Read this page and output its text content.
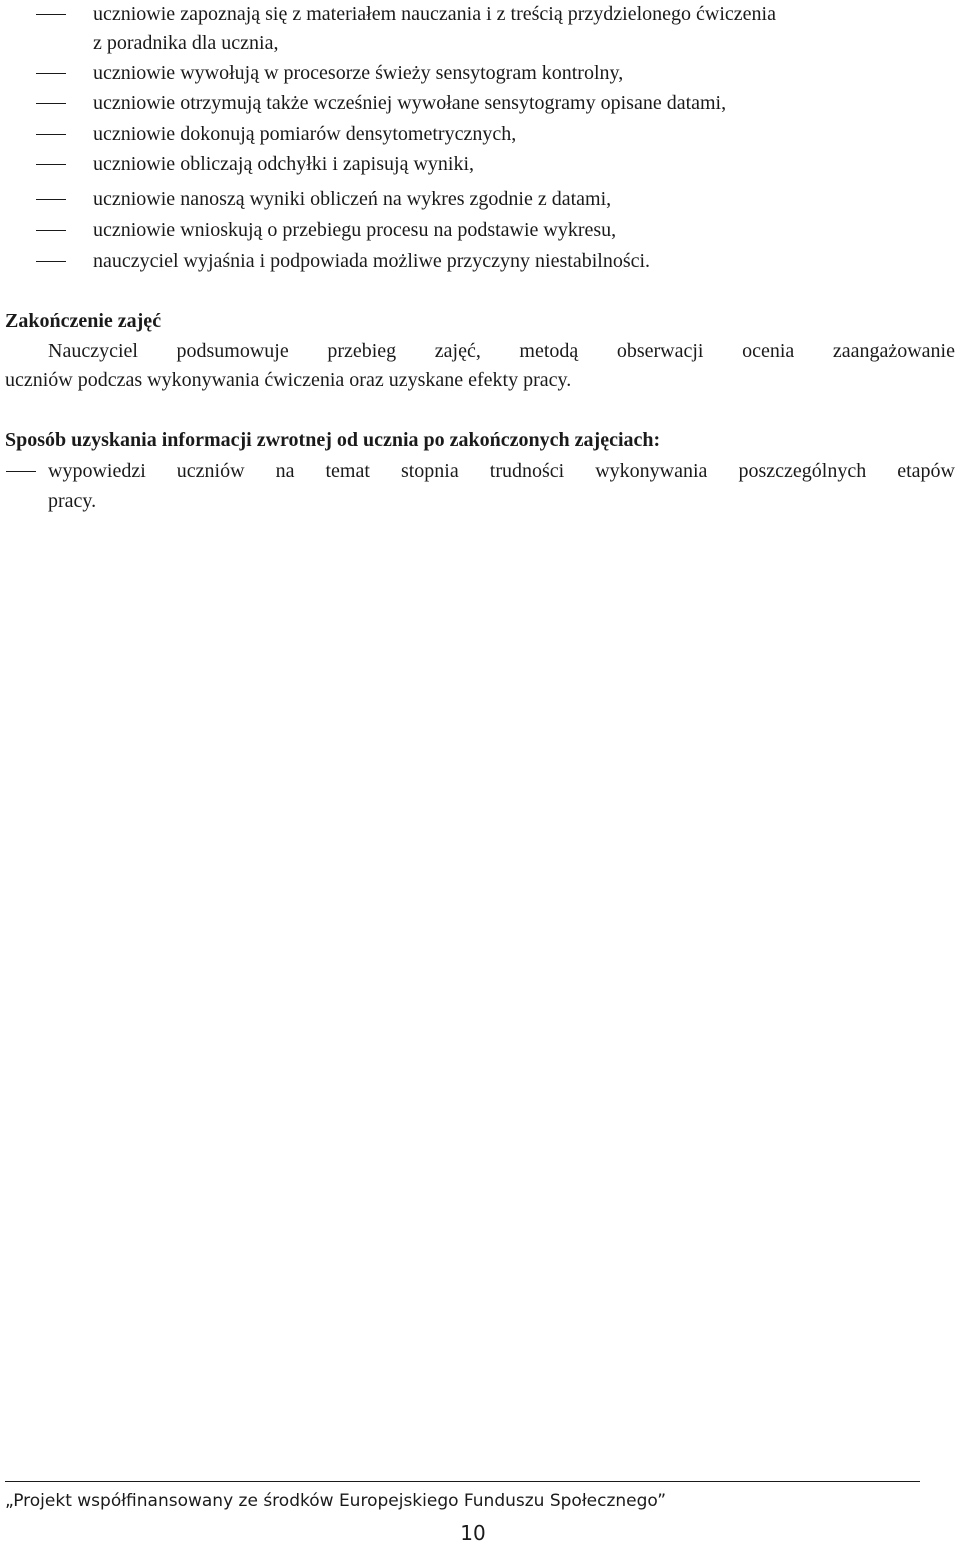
uczniowie zapoznają się z materiałem nauczania i z treścią przydzielonego ćwiczenia
z poradnika dla ucznia,
uczniowie wywołują w procesorze świeży sensytogram kontrolny,
uczniowie otrzymują także wcześniej wywołane sensytogramy opisane datami,
uczniowie dokonują pomiarów densytometrycznych,
uczniowie obliczają odchyłki i zapisują wyniki,
uczniowie nanoszą wyniki obliczeń na wykres zgodnie z datami,
uczniowie wnioskują o przebiegu procesu na podstawie wykresu,
nauczyciel wyjaśnia i podpowiada możliwe przyczyny niestabilności.
Zakończenie zajęć
Nauczyciel podsumowuje przebieg zajęć, metodą obserwacji ocenia zaangażowanie
uczniów podczas wykonywania ćwiczenia oraz uzyskane efekty pracy.
Sposób uzyskania informacji zwrotnej od ucznia po zakończonych zajęciach:
wypowiedzi uczniów na temat stopnia trudności wykonywania poszczególnych etapów
pracy.
„Projekt współfinansowany ze środków Europejskiego Funduszu Społecznego”
10
